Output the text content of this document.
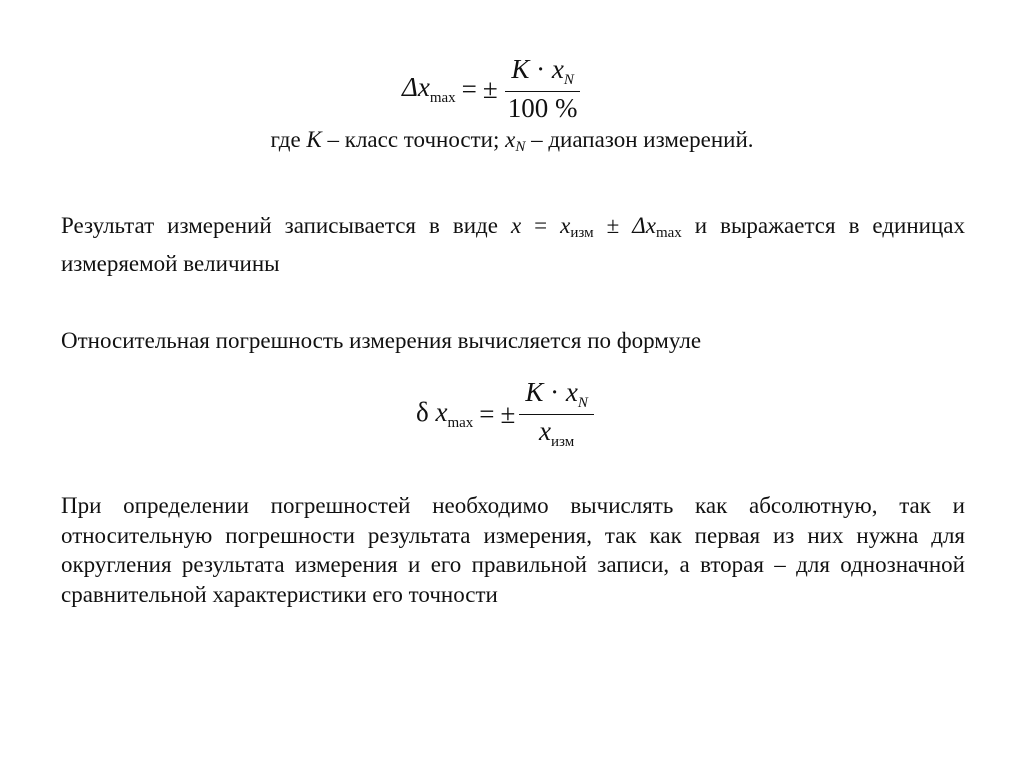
$\Delta x_{max}$ = ± $\frac{K \cdot x_N}{100 \%}$
где K – класс точности; xN – диапазон измерений.

Результат измерений записывается в виде x = xизм ± Δxmax и выражается в единицах измеряемой величины

Относительная погрешность измерения вычисляется по формуле

δ $x_{max}$ = ± $\frac{K \cdot x_N}{x_{изм}}$

При определении погрешностей необходимо вычислять как абсолютную, так и относительную погрешности результата измерения, так как первая из них нужна для округления результата измерения и его правильной записи, а вторая – для однозначной сравнительной характеристики его точности
